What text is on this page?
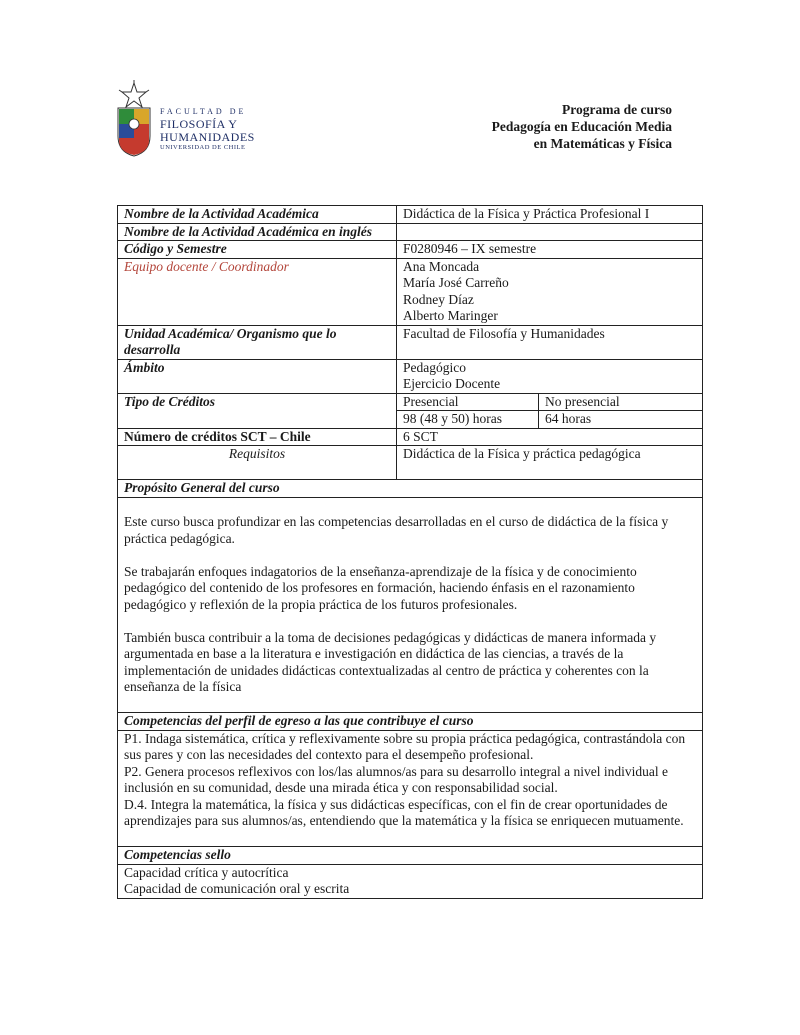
FACULTAD DE
FILOSOFÍA Y
HUMANIDADES
UNIVERSIDAD DE CHILE
Programa de curso
Pedagogía en Educación Media
en Matemáticas y Física
Nombre de la Actividad Académica	Didáctica de la Física y Práctica Profesional I	
Nombre de la Actividad Académica en inglés		
Código y Semestre	F0280946 – IX semestre	
Equipo docente / Coordinador	Ana Moncada
María José Carreño
Rodney Díaz
Alberto Maringer	

Unidad Académica/ Organismo que lo desarrolla	Facultad de Filosofía y Humanidades	
Ámbito	Pedagógico
Ejercicio Docente	

Tipo de Créditos	Presencial	No presencial
	98 (48 y 50) horas	64 horas
Número de créditos SCT – Chile	6 SCT	
Requisitos	Didáctica de la Física y práctica pedagógica	
Propósito General del curso		

Este curso busca profundizar en las competencias desarrolladas en el curso de didáctica de la física y práctica pedagógica.

Se trabajarán enfoques indagatorios de la enseñanza-aprendizaje de la física y de conocimiento pedagógico del contenido de los profesores en formación, haciendo énfasis en el razonamiento pedagógico y reflexión de la propia práctica de los futuros profesionales.

También busca contribuir a la toma de decisiones pedagógicas y didácticas de manera informada y argumentada en base a la literatura e investigación en didáctica de las ciencias, a través de la implementación de unidades didácticas contextualizadas al centro de práctica y coherentes con la enseñanza de la física		

Competencias del perfil de egreso a las que contribuye el curso		

P1. Indaga sistemática, crítica y reflexivamente sobre su propia práctica pedagógica, contrastándola con sus pares y con las necesidades del contexto para el desempeño profesional.

P2. Genera procesos reflexivos con los/las alumnos/as para su desarrollo integral a nivel individual e inclusión en su comunidad, desde una mirada ética y con responsabilidad social.

D.4. Integra la matemática, la física y sus didácticas específicas, con el fin de crear oportunidades de aprendizajes para sus alumnos/as, entendiendo que la matemática y la física se enriquecen mutuamente.		

Competencias sello		

Capacidad crítica y autocrítica
Capacidad de comunicación oral y escrita		
